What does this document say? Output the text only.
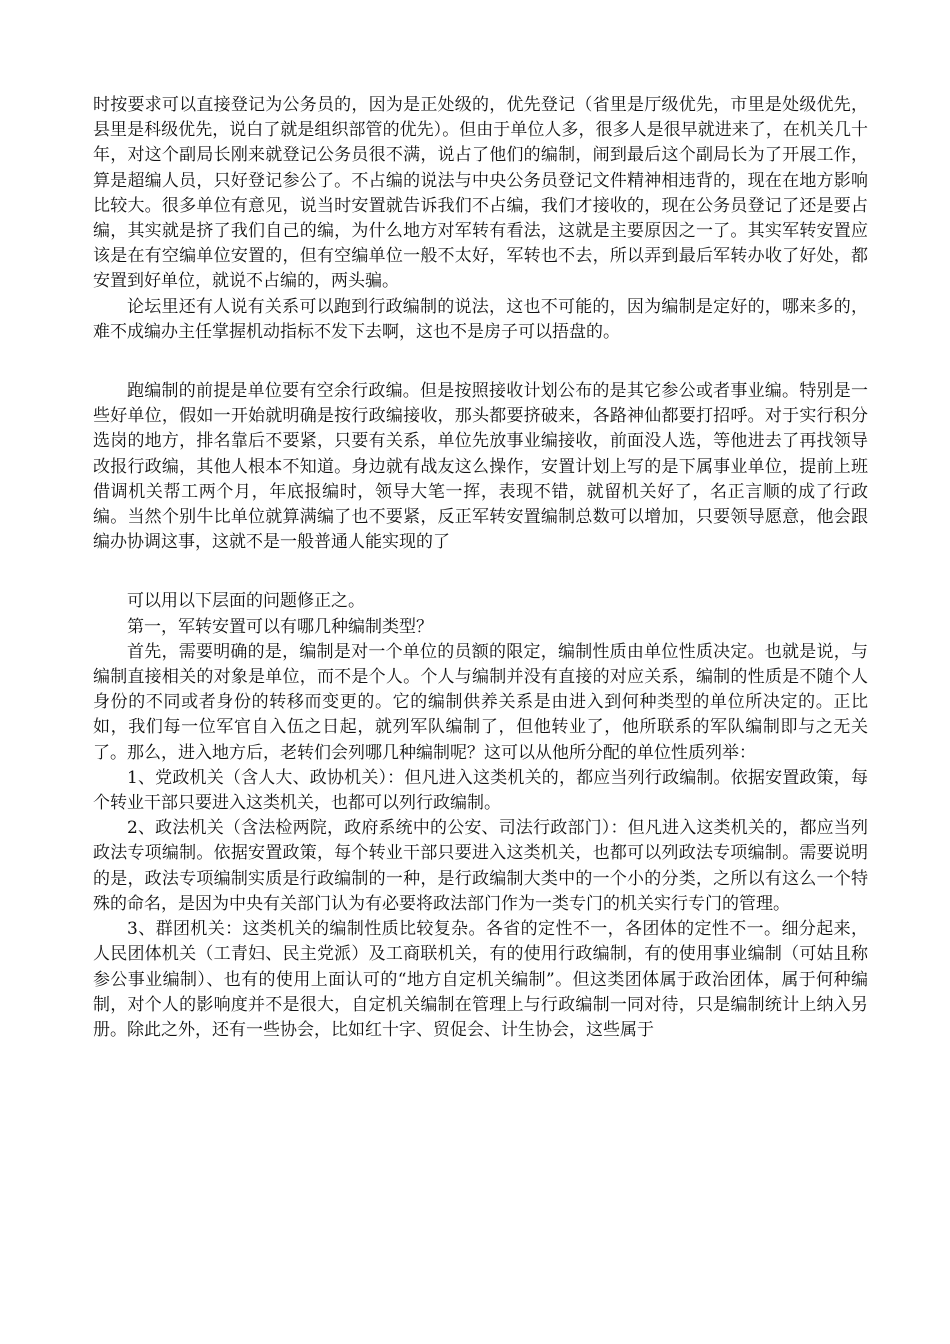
时按要求可以直接登记为公务员的，因为是正处级的，优先登记（省里是厅级优先，市里是处级优先，县里是科级优先，说白了就是组织部管的优先）。但由于单位人多，很多人是很早就进来了，在机关几十年，对这个副局长刚来就登记公务员很不满，说占了他们的编制，闹到最后这个副局长为了开展工作，算是超编人员，只好登记参公了。不占编的说法与中央公务员登记文件精神相违背的，现在在地方影响比较大。很多单位有意见，说当时安置就告诉我们不占编，我们才接收的，现在公务员登记了还是要占编，其实就是挤了我们自己的编，为什么地方对军转有看法，这就是主要原因之一了。其实军转安置应该是在有空编单位安置的，但有空编单位一般不太好，军转也不去，所以弄到最后军转办收了好处，都安置到好单位，就说不占编的，两头骗。

论坛里还有人说有关系可以跑到行政编制的说法，这也不可能的，因为编制是定好的，哪来多的，难不成编办主任掌握机动指标不发下去啊，这也不是房子可以捂盘的。

跑编制的前提是单位要有空余行政编。但是按照接收计划公布的是其它参公或者事业编。特别是一些好单位，假如一开始就明确是按行政编接收，那头都要挤破来，各路神仙都要打招呼。对于实行积分选岗的地方，排名靠后不要紧，只要有关系，单位先放事业编接收，前面没人选，等他进去了再找领导改报行政编，其他人根本不知道。身边就有战友这么操作，安置计划上写的是下属事业单位，提前上班借调机关帮工两个月，年底报编时，领导大笔一挥，表现不错，就留机关好了，名正言顺的成了行政编。当然个别牛比单位就算满编了也不要紧，反正军转安置编制总数可以增加，只要领导愿意，他会跟编办协调这事，这就不是一般普通人能实现的了

可以用以下层面的问题修正之。

第一，军转安置可以有哪几种编制类型？

首先，需要明确的是，编制是对一个单位的员额的限定，编制性质由单位性质决定。也就是说，与编制直接相关的对象是单位，而不是个人。个人与编制并没有直接的对应关系，编制的性质是不随个人身份的不同或者身份的转移而变更的。它的编制供养关系是由进入到何种类型的单位所决定的。正比如，我们每一位军官自入伍之日起，就列军队编制了，但他转业了，他所联系的军队编制即与之无关了。那么，进入地方后，老转们会列哪几种编制呢？这可以从他所分配的单位性质列举：

1、党政机关（含人大、政协机关）：但凡进入这类机关的，都应当列行政编制。依据安置政策，每个转业干部只要进入这类机关，也都可以列行政编制。

2、政法机关（含法检两院，政府系统中的公安、司法行政部门）：但凡进入这类机关的，都应当列政法专项编制。依据安置政策，每个转业干部只要进入这类机关，也都可以列政法专项编制。需要说明的是，政法专项编制实质是行政编制的一种，是行政编制大类中的一个小的分类，之所以有这么一个特殊的命名，是因为中央有关部门认为有必要将政法部门作为一类专门的机关实行专门的管理。

3、群团机关：这类机关的编制性质比较复杂。各省的定性不一，各团体的定性不一。细分起来，人民团体机关（工青妇、民主党派）及工商联机关，有的使用行政编制，有的使用事业编制（可姑且称参公事业编制）、也有的使用上面认可的“地方自定机关编制”。但这类团体属于政治团体，属于何种编制，对个人的影响度并不是很大，自定机关编制在管理上与行政编制一同对待，只是编制统计上纳入另册。除此之外，还有一些协会，比如红十字、贸促会、计生协会，这些属于
